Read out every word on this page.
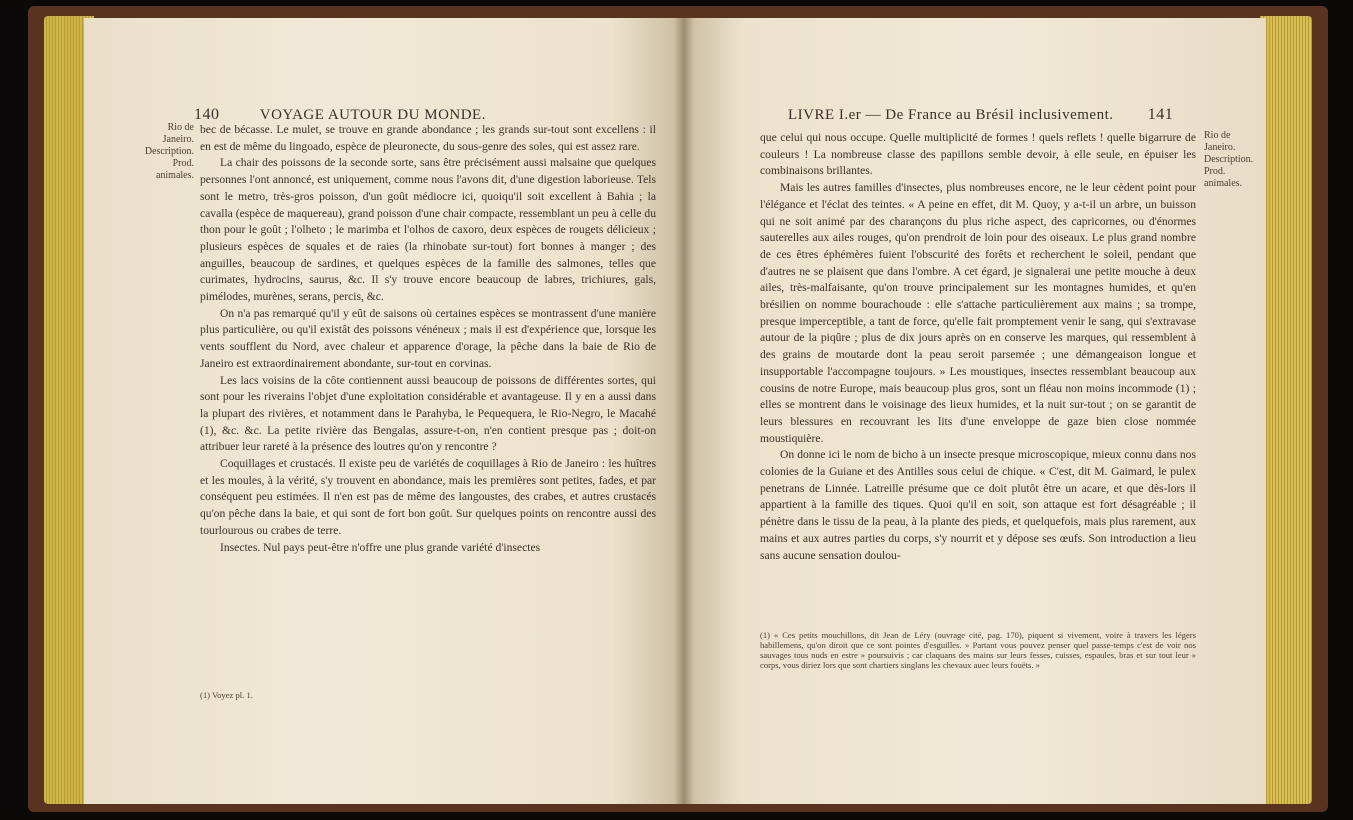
140	VOYAGE AUTOUR DU MONDE.
Rio de Janeiro.
Description.
Prod. animales.

bec de bécasse. Le mulet, se trouve en grande abondance ; les grands sur-tout sont excellens : il en est de même du lingoado, espèce de pleuronecte, du sous-genre des soles, qui est assez rare.

La chair des poissons de la seconde sorte, sans être précisément aussi malsaine que quelques personnes l'ont annoncé, est uniquement, comme nous l'avons dit, d'une digestion laborieuse. Tels sont le metro, très-gros poisson, d'un goût médiocre ici, quoiqu'il soit excellent à Bahia ; la cavalla (espèce de maquereau), grand poisson d'une chair compacte, ressemblant un peu à celle du thon pour le goût ; l'olheto ; le marimba et l'olhos de caxoro, deux espèces de rougets délicieux ; plusieurs espèces de squales et de raies (la rhinobate sur-tout) fort bonnes à manger ; des anguilles, beaucoup de sardines, et quelques espèces de la famille des salmones, telles que curimates, hydrocins, saurus, &c. Il s'y trouve encore beaucoup de labres, trichiures, gals, pimélodes, murènes, serans, percis, &c.

On n'a pas remarqué qu'il y eût de saisons où certaines espèces se montrassent d'une manière plus particulière, ou qu'il existât des poissons vénéneux ; mais il est d'expérience que, lorsque les vents soufflent du Nord, avec chaleur et apparence d'orage, la pêche dans la baie de Rio de Janeiro est extraordinairement abondante, sur-tout en corvinas.

Les lacs voisins de la côte contiennent aussi beaucoup de poissons de différentes sortes, qui sont pour les riverains l'objet d'une exploitation considérable et avantageuse. Il y en a aussi dans la plupart des rivières, et notamment dans le Parahyba, le Pequequera, le Rio-Negro, le Macahé (1), &c. &c. La petite rivière das Bengalas, assure-t-on, n'en contient presque pas ; doit-on attribuer leur rareté à la présence des loutres qu'on y rencontre ?

Coquillages et crustacés. Il existe peu de variétés de coquillages à Rio de Janeiro : les huîtres et les moules, à la vérité, s'y trouvent en abondance, mais les premières sont petites, fades, et par conséquent peu estimées. Il n'en est pas de même des langoustes, des crabes, et autres crustacés qu'on pêche dans la baie, et qui sont de fort bon goût. Sur quelques points on rencontre aussi des tourlourous ou crabes de terre.

Insectes. Nul pays peut-être n'offre une plus grande variété d'insectes

(1) Voyez pl. 1.

LIVRE I.er — De France au Brésil inclusivement. 141
Rio de Janeiro.
Description.
Prod. animales.

que celui qui nous occupe. Quelle multiplicité de formes ! quels reflets ! quelle bigarrure de couleurs ! La nombreuse classe des papillons semble devoir, à elle seule, en épuiser les combinaisons brillantes.

Mais les autres familles d'insectes, plus nombreuses encore, ne le leur cèdent point pour l'élégance et l'éclat des teintes. « A peine en effet, dit M. Quoy, y a-t-il un arbre, un buisson qui ne soit animé par des charançons du plus riche aspect, des capricornes, ou d'énormes sauterelles aux ailes rouges, qu'on prendroit de loin pour des oiseaux. Le plus grand nombre de ces êtres éphémères fuient l'obscurité des forêts et recherchent le soleil, pendant que d'autres ne se plaisent que dans l'ombre. A cet égard, je signalerai une petite mouche à deux ailes, très-malfaisante, qu'on trouve principalement sur les montagnes humides, et qu'en brésilien on nomme bourachoude : elle s'attache particulièrement aux mains ; sa trompe, presque imperceptible, a tant de force, qu'elle fait promptement venir le sang, qui s'extravase autour de la piqûre ; plus de dix jours après on en conserve les marques, qui ressemblent à des grains de moutarde dont la peau seroit parsemée ; une démangeaison longue et insupportable l'accompagne toujours. » Les moustiques, insectes ressemblant beaucoup aux cousins de notre Europe, mais beaucoup plus gros, sont un fléau non moins incommode (1) ; elles se montrent dans le voisinage des lieux humides, et la nuit sur-tout ; on se garantit de leurs blessures en recouvrant les lits d'une enveloppe de gaze bien close nommée moustiquière.

On donne ici le nom de bicho à un insecte presque microscopique, mieux connu dans nos colonies de la Guiane et des Antilles sous celui de chique. « C'est, dit M. Gaimard, le pulex penetrans de Linnée. Latreille présume que ce doit plutôt être un acare, et que dès-lors il appartient à la famille des tiques. Quoi qu'il en soit, son attaque est fort désagréable ; il pénètre dans le tissu de la peau, à la plante des pieds, et quelquefois, mais plus rarement, aux mains et aux autres parties du corps, s'y nourrit et y dépose ses œufs. Son introduction a lieu sans aucune sensation doulou-

(1) « Ces petits mouchillons, dit Jean de Léry (ouvrage cité, pag. 170), piquent si vivement, voire à travers les légers habillemens, qu'on diroit que ce sont pointes d'esguilles. » Partant vous pouvez penser quel passe-temps c'est de voir nos sauvages tous nuds en estre » poursuivis ; car claquans des mains sur leurs fesses, cuisses, espaules, bras et sur tout leur » corps, vous diriez lors que sont chartiers singlans les chevaux auec leurs fouëts. »
